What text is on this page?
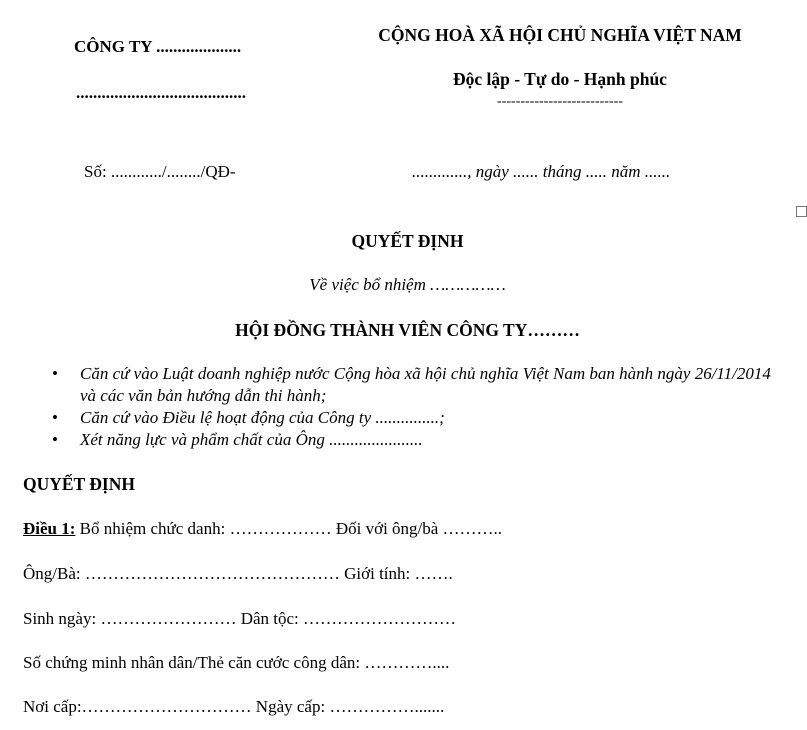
CÔNG TY ....................
........................................
CỘNG HOÀ XÃ HỘI CHỦ NGHĨA VIỆT NAM
Độc lập - Tự do - Hạnh phúc
---------------------------
Số: ............/......../QĐ-	............., ngày ...... tháng ..... năm ......
QUYẾT ĐỊNH
Về việc bổ nhiệm ……………
HỘI ĐỒNG THÀNH VIÊN CÔNG TY………
• Căn cứ vào Luật doanh nghiệp nước Cộng hòa xã hội chủ nghĩa Việt Nam ban hành ngày 26/11/2014 và các văn bản hướng dẫn thi hành;
• Căn cứ vào Điều lệ hoạt động của Công ty ...............;
• Xét năng lực và phẩm chất của Ông ......................
QUYẾT ĐỊNH
Điều 1: Bổ nhiệm chức danh: ……………… Đối với ông/bà ………..
Ông/Bà: ……………………………………… Giới tính: …….
Sinh ngày: …………………… Dân tộc: ………………………
Số chứng minh nhân dân/Thẻ căn cước công dân: …………....
Nơi cấp:………………………… Ngày cấp: …………….......
